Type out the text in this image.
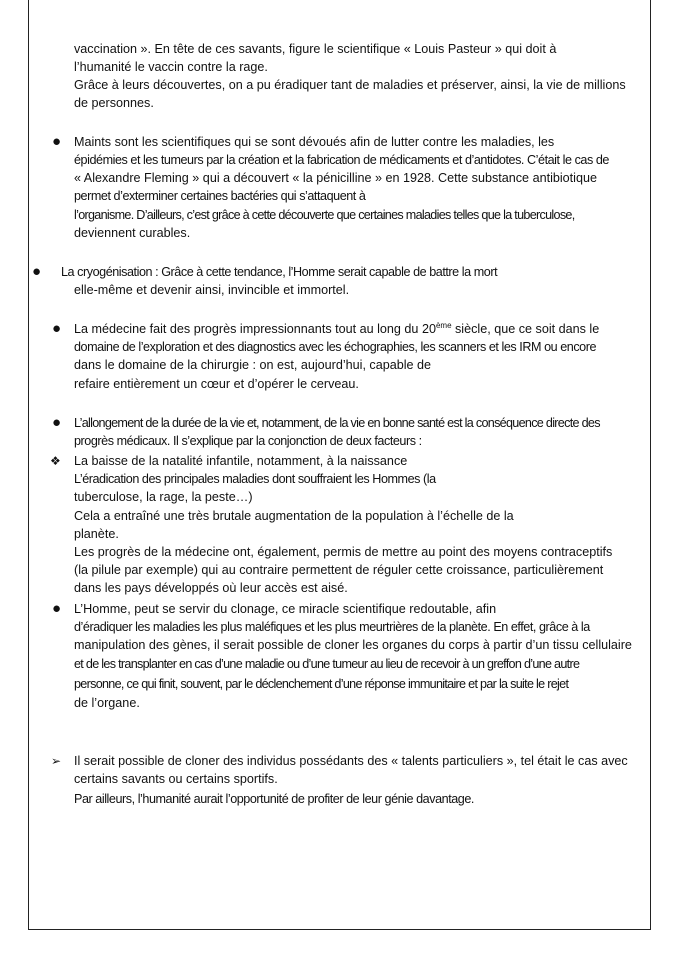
vaccination ». En tête de ces savants, figure le scientifique « Louis Pasteur » qui doit à
l’humanité le vaccin contre la rage.
Grâce à leurs découvertes, on a pu éradiquer tant de maladies et préserver, ainsi, la vie de millions
de personnes.
● Maints sont les scientifiques qui se sont dévoués afin de lutter contre les maladies, les
épidémies et les tumeurs par la création et la fabrication de médicaments et d’antidotes. C’était le cas de
« Alexandre Fleming » qui a découvert « la pénicilline » en 1928. Cette substance antibiotique
permet d’exterminer certaines bactéries qui s’attaquent à
l’organisme. D’ailleurs, c’est grâce à cette découverte que certaines maladies telles que la tuberculose,
deviennent curables.
● La cryogénisation : Grâce à cette tendance, l’Homme serait capable de battre la mort
elle-même et devenir ainsi, invincible et immortel.
● La médecine fait des progrès impressionnants tout au long du 20ème siècle, que ce soit dans le
domaine de l’exploration et des diagnostics avec les échographies, les scanners et les IRM ou encore
dans le domaine de la chirurgie : on est, aujourd’hui, capable de
refaire entièrement un cœur et d’opérer le cerveau.
● L’allongement de la durée de la vie et, notamment, de la vie en bonne santé est la conséquence directe des
progrès médicaux. Il s’explique par la conjonction de deux facteurs :
❖ La baisse de la natalité infantile, notamment, à la naissance
L’éradication des principales maladies dont souffraient les Hommes (la
tuberculose, la rage, la peste…)
Cela a entraîné une très brutale augmentation de la population à l’échelle de la
planète.
Les progrès de la médecine ont, également, permis de mettre au point des moyens contraceptifs
(la pilule par exemple) qui au contraire permettent de réguler cette croissance, particulièrement
dans les pays développés où leur accès est aisé.
● L’Homme, peut se servir du clonage, ce miracle scientifique redoutable, afin
d’éradiquer les maladies les plus maléfiques et les plus meurtrières de la planète. En effet, grâce à la
manipulation des gènes, il serait possible de cloner les organes du corps à partir d’un tissu cellulaire
et de les transplanter en cas d’une maladie ou d’une tumeur au lieu de recevoir à un greffon d’une autre
personne, ce qui finit, souvent, par le déclenchement d’une réponse immunitaire et par la suite le rejet
de l’organe.
➢ Il serait possible de cloner des individus possédants des « talents particuliers », tel était le cas avec
certains savants ou certains sportifs.
Par ailleurs, l’humanité aurait l’opportunité de profiter de leur génie davantage.
